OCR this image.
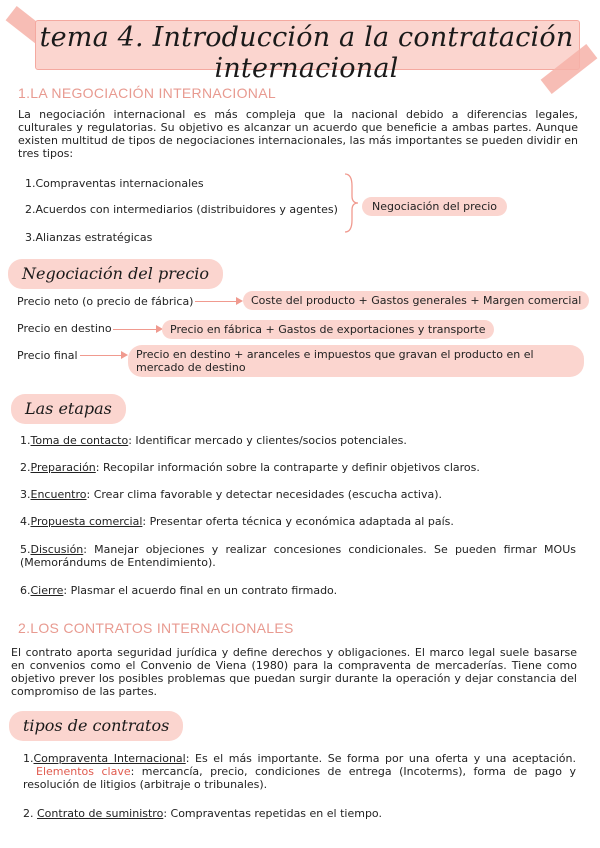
tema 4. Introducción a la contratación internacional
1.LA NEGOCIACIÓN INTERNACIONAL
La negociación internacional es más compleja que la nacional debido a diferencias legales, culturales y regulatorias. Su objetivo es alcanzar un acuerdo que beneficie a ambas partes. Aunque existen multitud de tipos de negociaciones internacionales, las más importantes se pueden dividir en tres tipos:
1.Compraventas internacionales
2.Acuerdos con intermediarios (distribuidores y agentes)
3.Alianzas estratégicas
Negociación del precio
Negociación del precio
Precio neto (o precio de fábrica)	Coste del producto + Gastos generales + Margen comercial
Precio en destino	Precio en fábrica + Gastos de exportaciones y transporte
Precio final	Precio en destino + aranceles e impuestos que gravan el producto en el mercado de destino
Las etapas
1.Toma de contacto: Identificar mercado y clientes/socios potenciales.
2.Preparación: Recopilar información sobre la contraparte y definir objetivos claros.
3.Encuentro: Crear clima favorable y detectar necesidades (escucha activa).
4.Propuesta comercial: Presentar oferta técnica y económica adaptada al país.
5.Discusión: Manejar objeciones y realizar concesiones condicionales. Se pueden firmar MOUs (Memorándums de Entendimiento).
6.Cierre: Plasmar el acuerdo final en un contrato firmado.
2.LOS CONTRATOS INTERNACIONALES
El contrato aporta seguridad jurídica y define derechos y obligaciones. El marco legal suele basarse en convenios como el Convenio de Viena (1980) para la compraventa de mercaderías. Tiene como objetivo prever los posibles problemas que puedan surgir durante la operación y dejar constancia del compromiso de las partes.
tipos de contratos
1.Compraventa Internacional: Es el más importante. Se forma por una oferta y una aceptación. Elementos clave: mercancía, precio, condiciones de entrega (Incoterms), forma de pago y resolución de litigios (arbitraje o tribunales).
2. Contrato de suministro: Compraventas repetidas en el tiempo.
